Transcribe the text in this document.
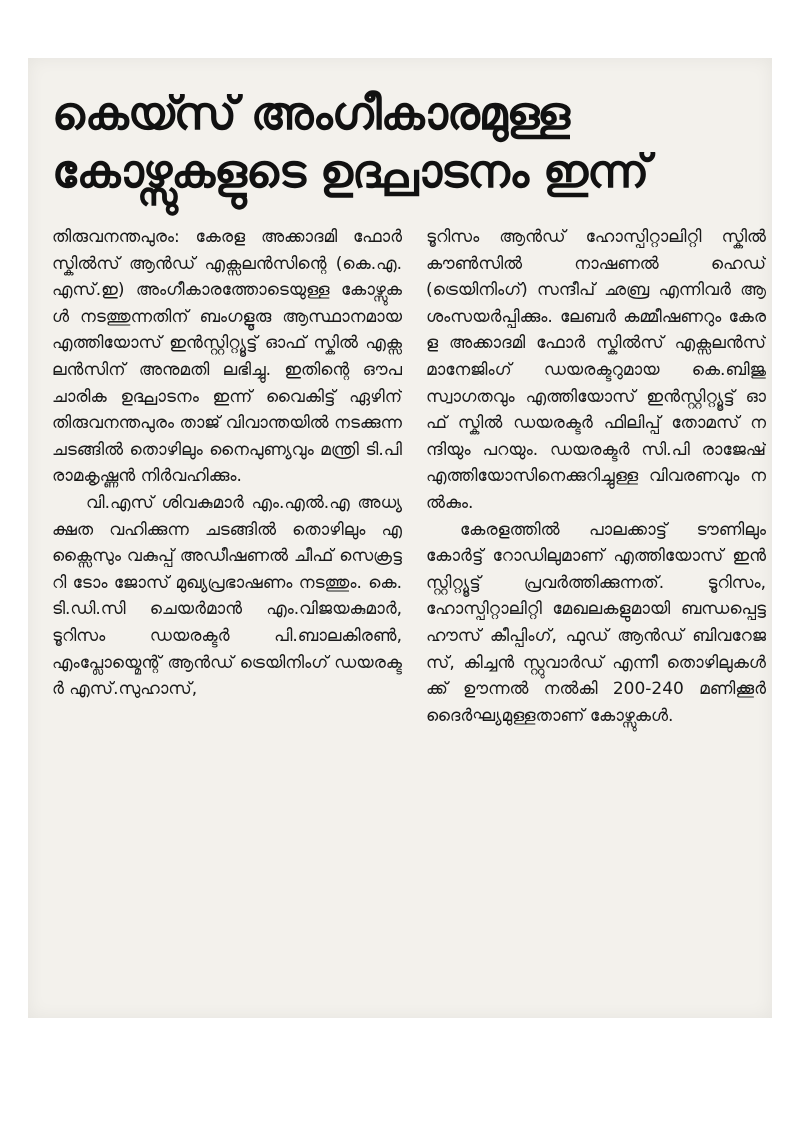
കെയ്സ് അംഗീകാരമുള്ള
കോഴ്സുകളുടെ ഉദ്ഘാടനം ഇന്ന്

തിരുവനന്തപുരം: കേരള അക്കാദമി ഫോർ സ്കിൽസ് ആൻഡ് എക്സലൻസിന്റെ (കെ.എ.എസ്.ഇ) അംഗീകാരത്തോടെയുള്ള കോഴ്സുകൾ നടത്തുന്നതിന് ബംഗളൂരു ആസ്ഥാനമായ എത്തിയോസ് ഇൻസ്റ്റിറ്റ്യൂട്ട് ഓഫ് സ്കിൽ എക്സലൻസിന് അനുമതി ലഭിച്ചു. ഇതിന്റെ ഔപചാരിക ഉദ്ഘാടനം ഇന്ന് വൈകിട്ട് ഏഴിന് തിരുവനന്തപുരം താജ് വിവാന്തയിൽ നടക്കുന്ന ചടങ്ങിൽ തൊഴിലും നൈപുണ്യവും മന്ത്രി ടി.പി രാമകൃഷ്ണൻ നിർവഹിക്കും.

വി.എസ് ശിവകുമാർ എം.എൽ.എ അധ്യക്ഷത വഹിക്കുന്ന ചടങ്ങിൽ തൊഴിലും എക്സൈസും വകുപ്പ് അഡീഷണൽ ചീഫ് സെക്രട്ടറി ടോം ജോസ് മുഖ്യപ്രഭാഷണം നടത്തും. കെ.ടി.ഡി.സി ചെയർമാൻ എം.വിജയകുമാർ, ടൂറിസം ഡയരക്ടർ പി.ബാലകിരൺ, എംപ്ലോയ്മെന്റ് ആൻഡ് ട്രെയിനിംഗ് ഡയരക്ടർ എസ്.സുഹാസ്,

ടൂറിസം ആൻഡ് ഹോസ്പിറ്റാലിറ്റി സ്കിൽ കൗൺസിൽ നാഷണൽ ഹെഡ് (ട്രെയിനിംഗ്) സന്ദീപ് ഛബ്ര എന്നിവർ ആശംസയർപ്പിക്കും. ലേബർ കമ്മീഷണറും കേരള അക്കാദമി ഫോർ സ്കിൽസ് എക്സലൻസ് മാനേജിംഗ് ഡയരക്ടറുമായ കെ.ബിജു സ്വാഗതവും എത്തിയോസ് ഇൻസ്റ്റിറ്റ്യൂട്ട് ഓഫ് സ്കിൽ ഡയരക്ടർ ഫിലിപ്പ് തോമസ് നന്ദിയും പറയും. ഡയരക്ടർ സി.പി രാജേഷ് എത്തിയോസിനെക്കുറിച്ചുള്ള വിവരണവും നൽകും.

കേരളത്തിൽ പാലക്കാട്ട് ടൗണിലും കോർട്ട് റോഡിലുമാണ് എത്തിയോസ് ഇൻസ്റ്റിറ്റ്യൂട്ട് പ്രവർത്തിക്കുന്നത്. ടൂറിസം, ഹോസ്പിറ്റാലിറ്റി മേഖലകളുമായി ബന്ധപ്പെട്ട ഹൗസ് കീപ്പിംഗ്, ഫുഡ് ആൻഡ് ബിവറേജസ്, കിച്ചൻ സ്റ്റുവാർഡ് എന്നീ തൊഴിലുകൾക്ക് ഊന്നൽ നൽകി 200-240 മണിക്കൂർ ദൈർഘ്യമുള്ളതാണ് കോഴ്സുകൾ.
